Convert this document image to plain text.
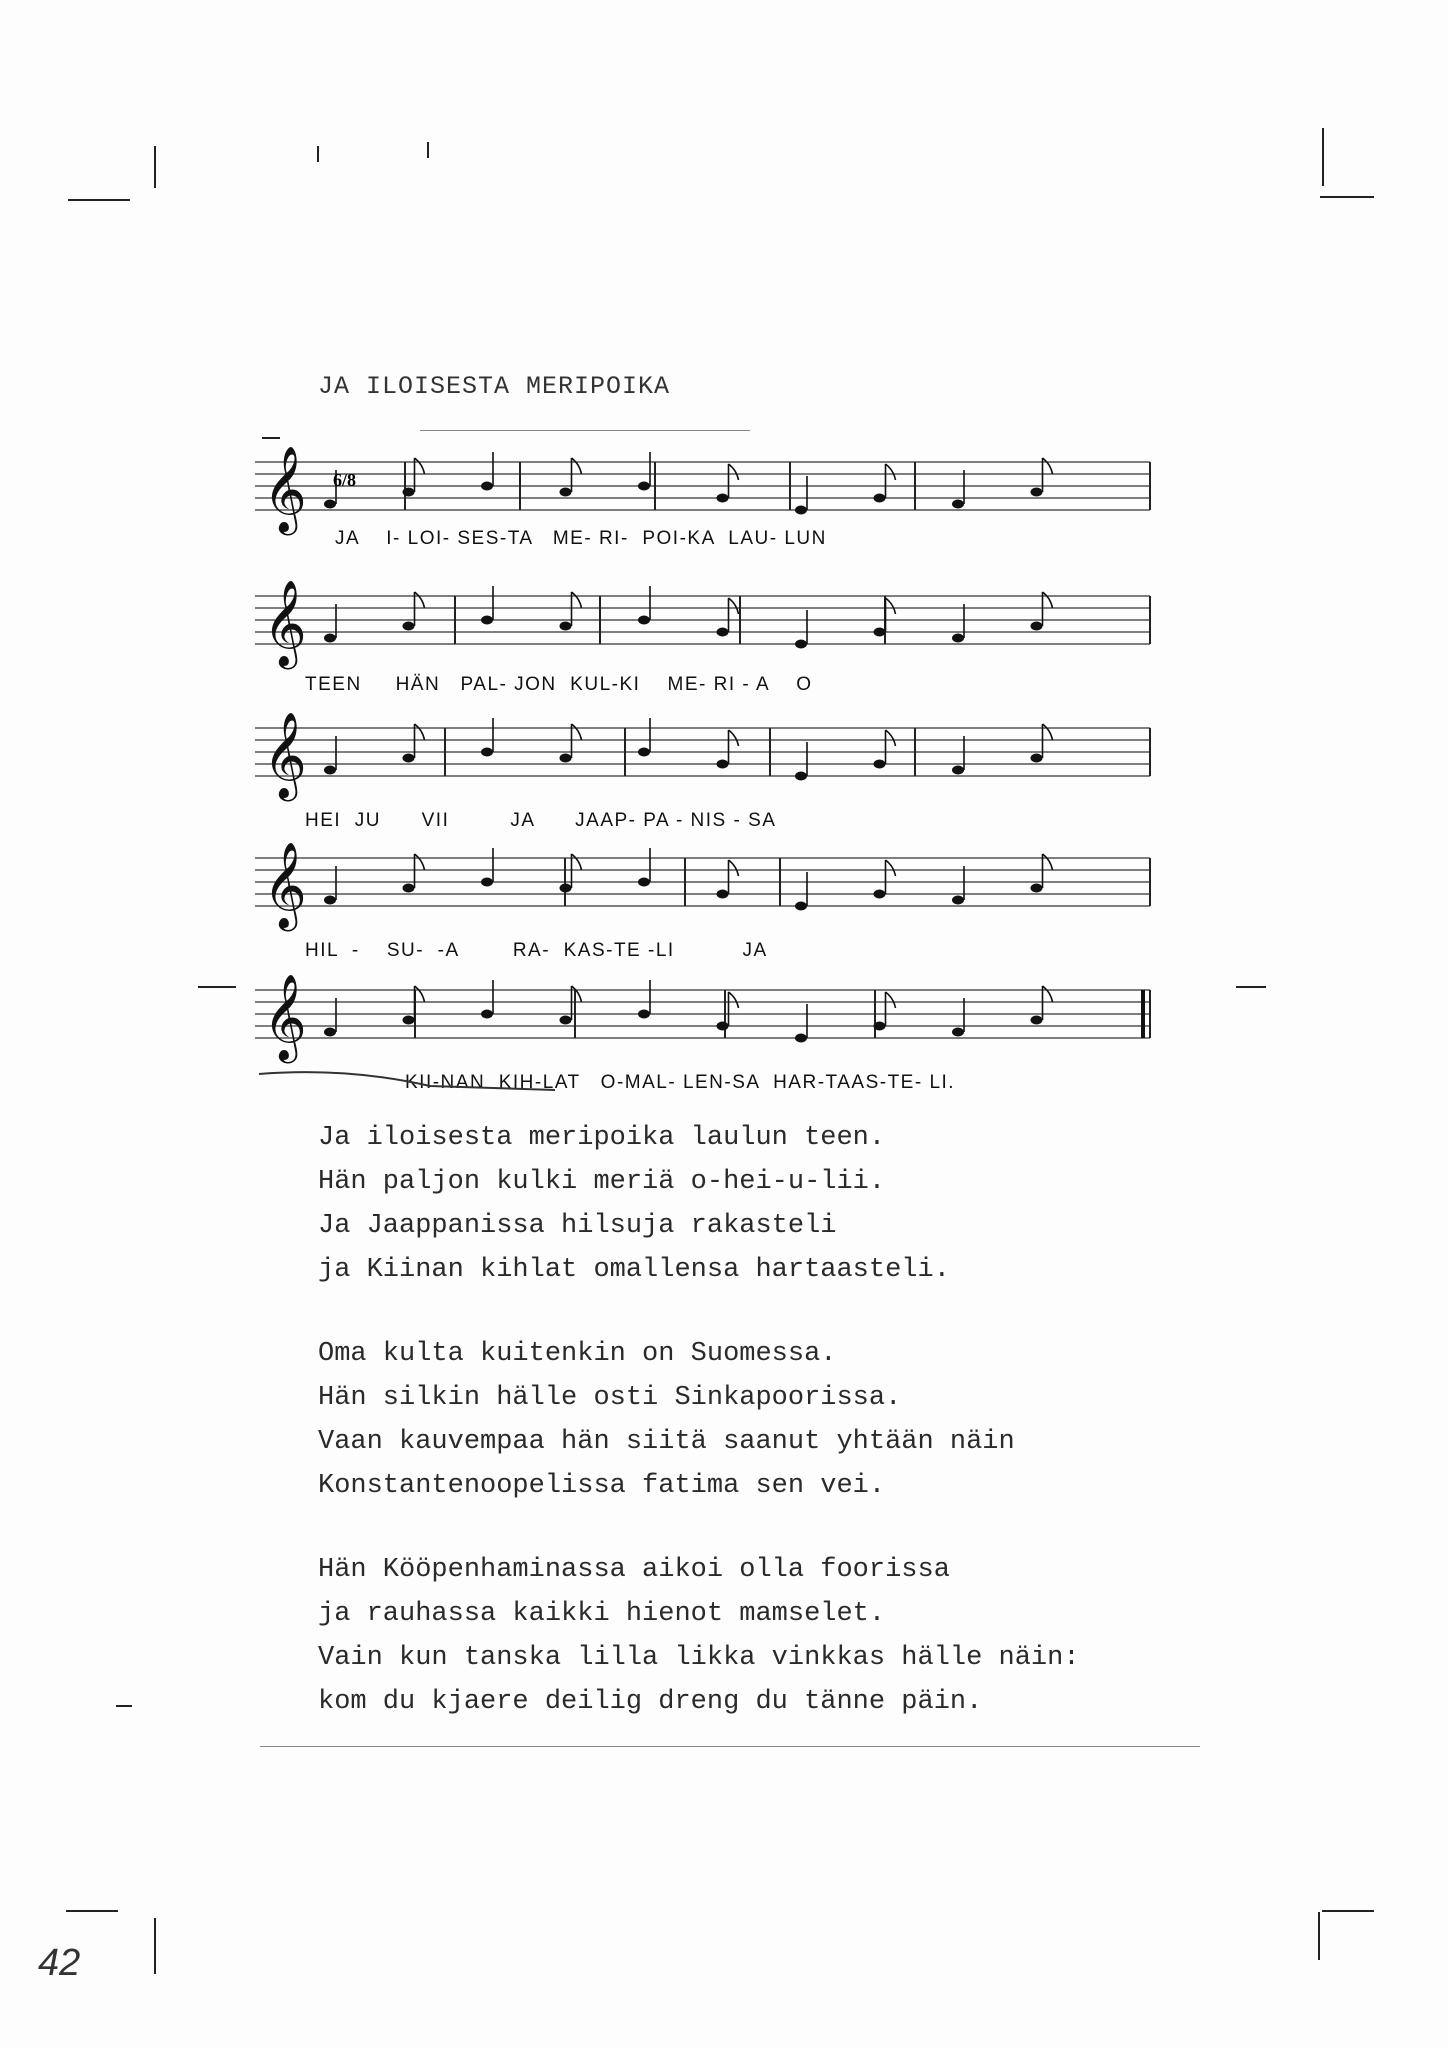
JA ILOISESTA MERIPOIKA
𝄞
𝄞
𝄞
𝄞
𝄞
6/8
JA    I- LOI- SES-TA   ME- RI-  POI-KA  LAU- LUN
TEEN     HÄN   PAL- JON  KUL-KI    ME- RI - A    O
HEI  JU      VII         JA      JAAP- PA - NIS - SA
HIL  -    SU-  -A        RA-  KAS-TE -LI          JA
KII-NAN  KIH-LAT   O-MAL- LEN-SA  HAR-TAAS-TE- LI.
Ja iloisesta meripoika laulun teen.
Hän paljon kulki meriä o-hei-u-lii.
Ja Jaappanissa hilsuja rakasteli
ja Kiinan kihlat omallensa hartaasteli.
Oma kulta kuitenkin on Suomessa.
Hän silkin hälle osti Sinkapoorissa.
Vaan kauvempaa hän siitä saanut yhtään näin
Konstantenoopelissa fatima sen vei.
Hän Kööpenhaminassa aikoi olla foorissa
ja rauhassa kaikki hienot mamselet.
Vain kun tanska lilla likka vinkkas hälle näin:
kom du kjaere deilig dreng du tänne päin.
42
